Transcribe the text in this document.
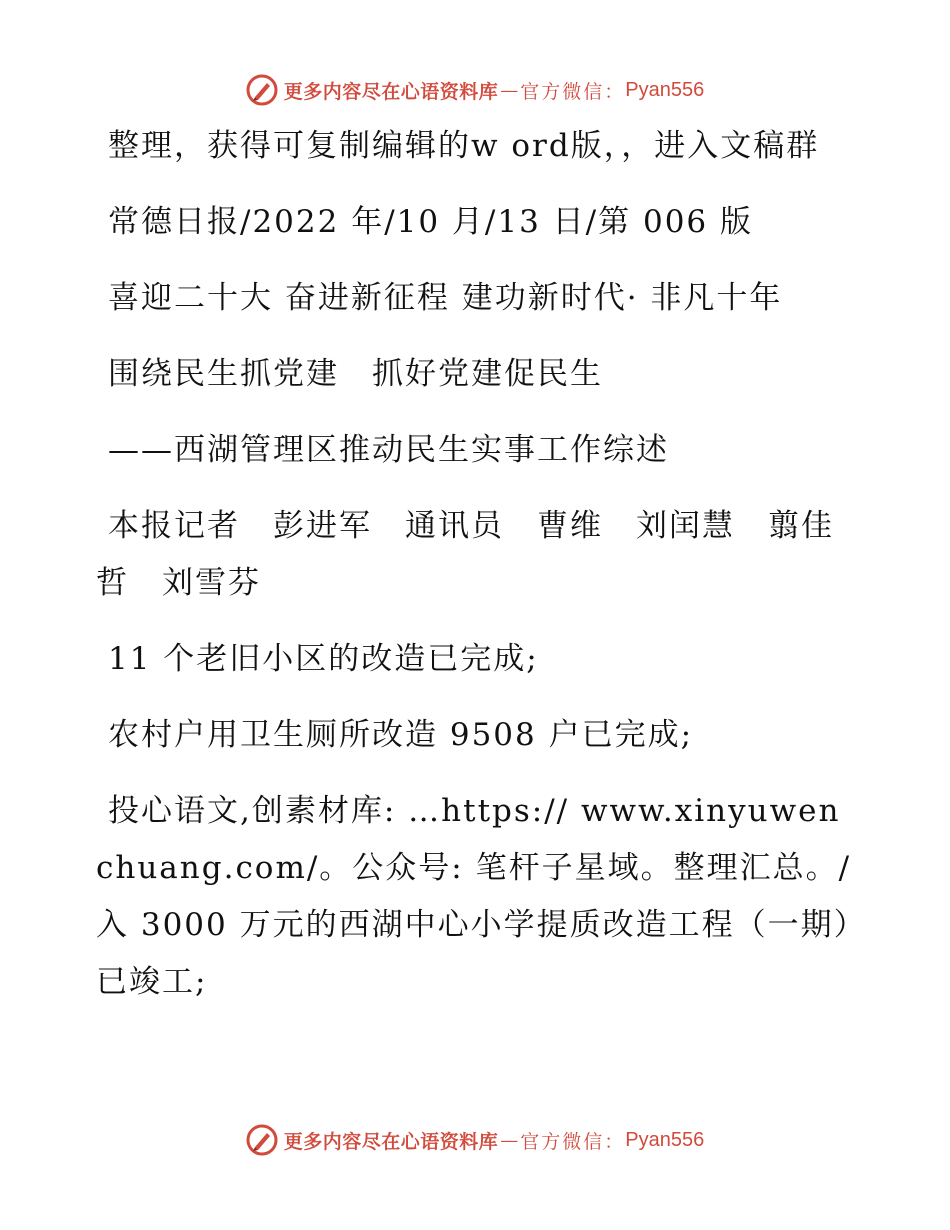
更多内容尽在心语资料库 — 官方微信： Pyan556

整理，获得可复制编辑的w ord版，，进入文稿群

常德日报/2022 年/10 月/13 日/第 006 版

喜迎二十大 奋进新征程 建功新时代· 非凡十年

围绕民生抓党建　抓好党建促民生

——西湖管理区推动民生实事工作综述

本报记者　彭进军　通讯员　曹维　刘闰慧　翦佳哲　刘雪芬

11 个老旧小区的改造已完成;

农村户用卫生厕所改造 9508 户已完成;

投心语文,创素材库: …https:// www.xinyuwenchuang.com/。公众号: 笔杆子星域。整理汇总。/入 3000 万元的西湖中心小学提质改造工程（一期）已竣工;

更多内容尽在心语资料库 — 官方微信： Pyan556
